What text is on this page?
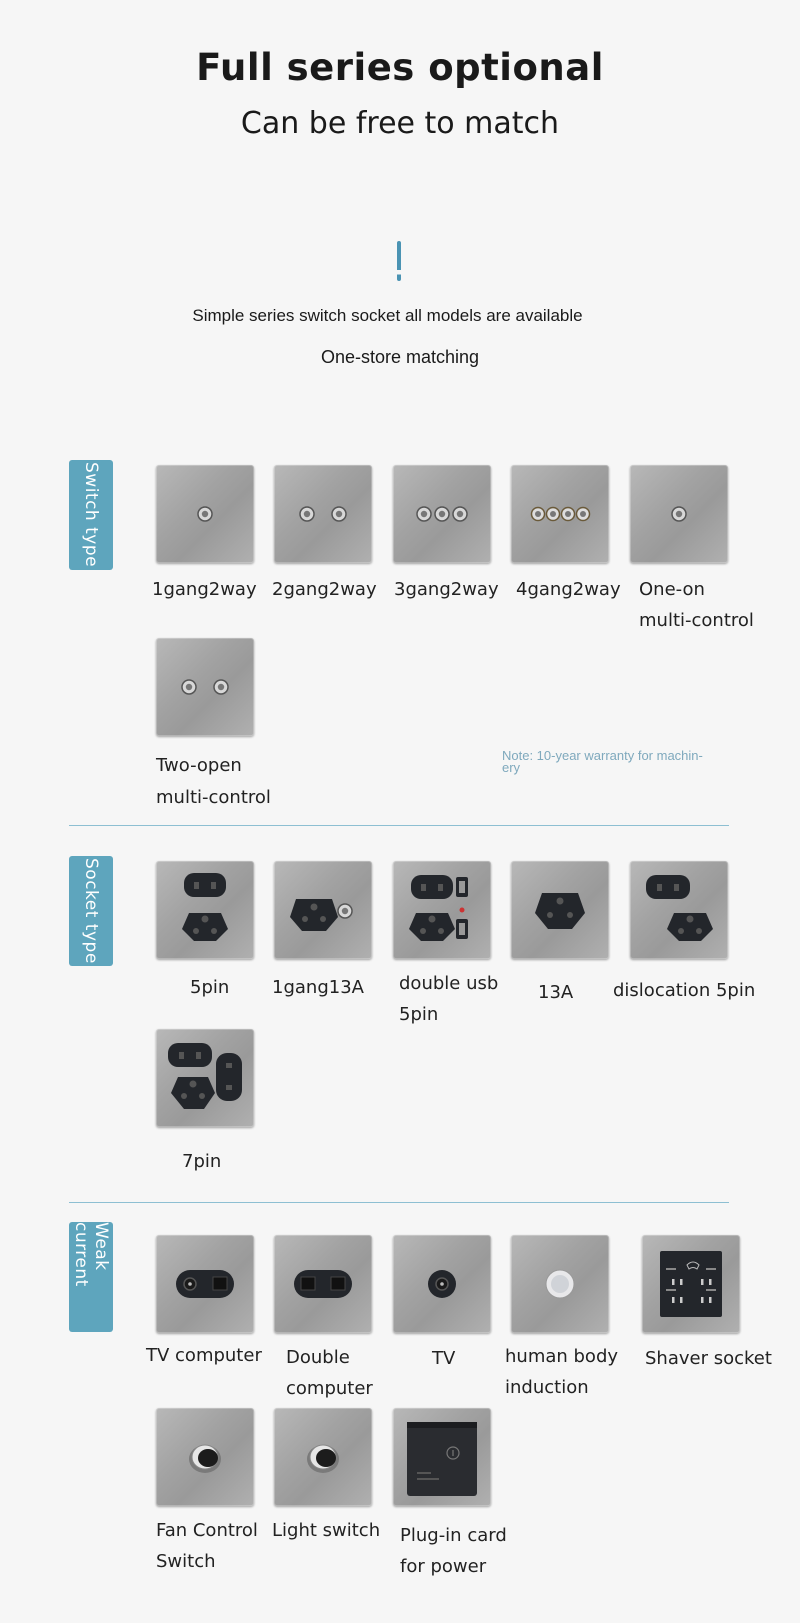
Full series optional
Can be free to match
Simple series switch socket all models are available
One-store matching
Switch type
1gang2way 2gang2way 3gang2way 4gang2way One-on
multi-control
Two-open
multi-control
Note: 10-year warranty for machin-
ery
Socket type
5pin 1gang13A double usb
5pin
13A dislocation 5pin
7pin
Weak current
TV computer Double
computer
TV	human body
induction
Shaver socket
Fan Control
Switch
Light switch Plug-in card
for power
